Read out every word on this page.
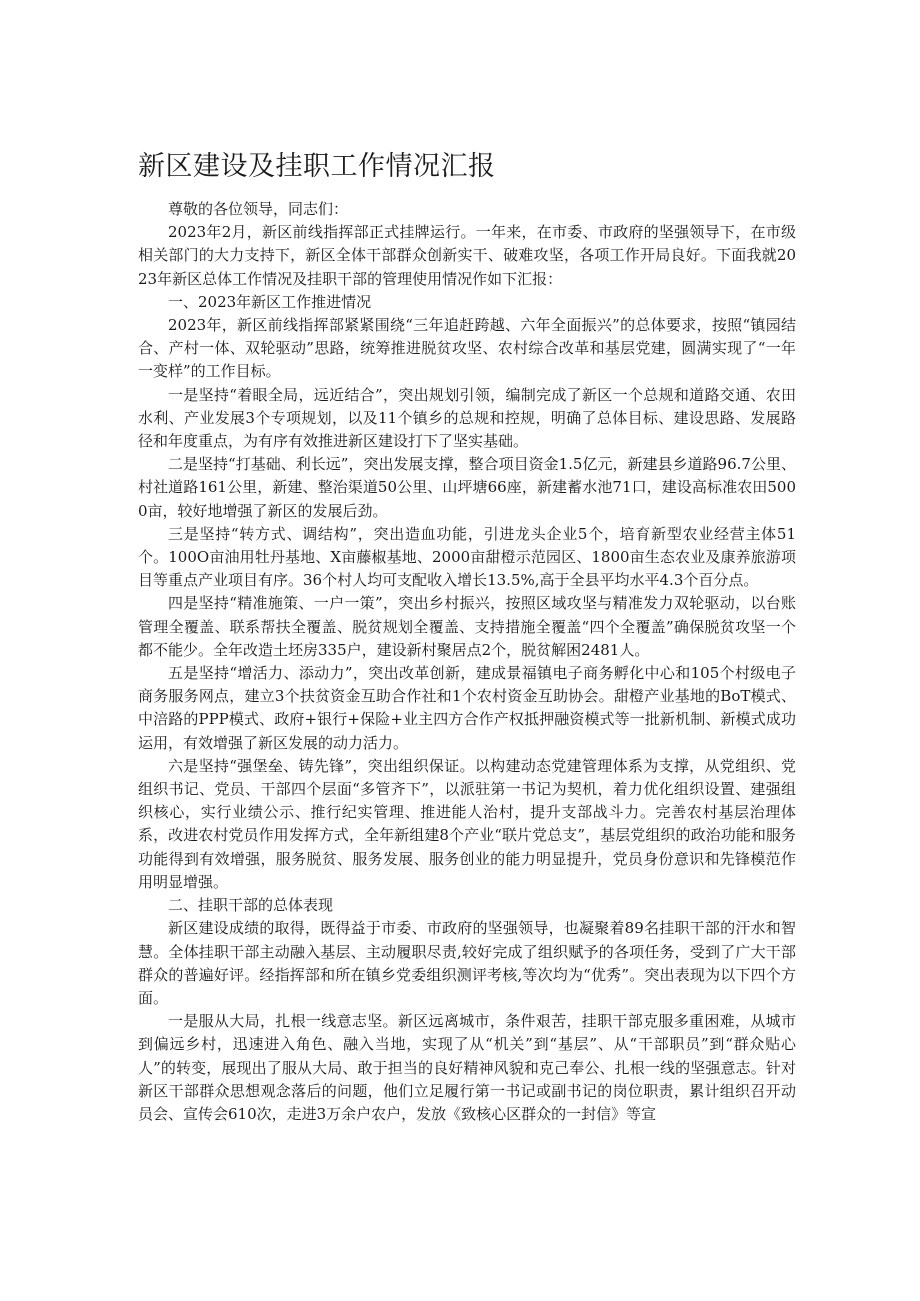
新区建设及挂职工作情况汇报

尊敬的各位领导，同志们：

2023年2月，新区前线指挥部正式挂牌运行。一年来，在市委、市政府的坚强领导下，在市级相关部门的大力支持下，新区全体干部群众创新实干、破难攻坚，各项工作开局良好。下面我就2023年新区总体工作情况及挂职干部的管理使用情况作如下汇报：

一、2023年新区工作推进情况

2023年，新区前线指挥部紧紧围绕“三年追赶跨越、六年全面振兴”的总体要求，按照“镇园结合、产村一体、双轮驱动”思路，统筹推进脱贫攻坚、农村综合改革和基层党建，圆满实现了“一年一变样”的工作目标。

一是坚持“着眼全局，远近结合”，突出规划引领，编制完成了新区一个总规和道路交通、农田水利、产业发展3个专项规划，以及11个镇乡的总规和控规，明确了总体目标、建设思路、发展路径和年度重点，为有序有效推进新区建设打下了坚实基础。

二是坚持“打基础、利长远”，突出发展支撑，整合项目资金1.5亿元，新建县乡道路96.7公里、村社道路161公里，新建、整治渠道50公里、山坪塘66座，新建蓄水池71口，建设高标准农田5000亩，较好地增强了新区的发展后劲。

三是坚持“转方式、调结构”，突出造血功能，引进龙头企业5个，培育新型农业经营主体51个。100O亩油用牡丹基地、X亩藤椒基地、2000亩甜橙示范园区、1800亩生态农业及康养旅游项目等重点产业项目有序。36个村人均可支配收入增长13.5%,高于全县平均水平4.3个百分点。

四是坚持“精准施策、一户一策”，突出乡村振兴，按照区域攻坚与精准发力双轮驱动，以台账管理全覆盖、联系帮扶全覆盖、脱贫规划全覆盖、支持措施全覆盖“四个全覆盖”确保脱贫攻坚一个都不能少。全年改造土坯房335户，建设新村聚居点2个，脱贫解困2481人。

五是坚持“增活力、添动力”，突出改革创新，建成景福镇电子商务孵化中心和105个村级电子商务服务网点，建立3个扶贫资金互助合作社和1个农村资金互助协会。甜橙产业基地的BoT模式、中涪路的PPP模式、政府+银行+保险+业主四方合作产权抵押融资模式等一批新机制、新模式成功运用，有效增强了新区发展的动力活力。

六是坚持“强堡垒、铸先锋”，突出组织保证。以构建动态党建管理体系为支撑，从党组织、党组织书记、党员、干部四个层面“多管齐下”，以派驻第一书记为契机，着力优化组织设置、建强组织核心，实行业绩公示、推行纪实管理、推进能人治村，提升支部战斗力。完善农村基层治理体系，改进农村党员作用发挥方式，全年新组建8个产业“联片党总支”，基层党组织的政治功能和服务功能得到有效增强，服务脱贫、服务发展、服务创业的能力明显提升，党员身份意识和先锋模范作用明显增强。

二、挂职干部的总体表现

新区建设成绩的取得，既得益于市委、市政府的坚强领导，也凝聚着89名挂职干部的汗水和智慧。全体挂职干部主动融入基层、主动履职尽责,较好完成了组织赋予的各项任务，受到了广大干部群众的普遍好评。经指挥部和所在镇乡党委组织测评考核,等次均为“优秀”。突出表现为以下四个方面。

一是服从大局，扎根一线意志坚。新区远离城市，条件艰苦，挂职干部克服多重困难，从城市到偏远乡村，迅速进入角色、融入当地，实现了从“机关”到“基层”、从“干部职员”到“群众贴心人”的转变，展现出了服从大局、敢于担当的良好精神风貌和克己奉公、扎根一线的坚强意志。针对新区干部群众思想观念落后的问题，他们立足履行第一书记或副书记的岗位职责，累计组织召开动员会、宣传会610次，走进3万余户农户，发放《致核心区群众的一封信》等宣
